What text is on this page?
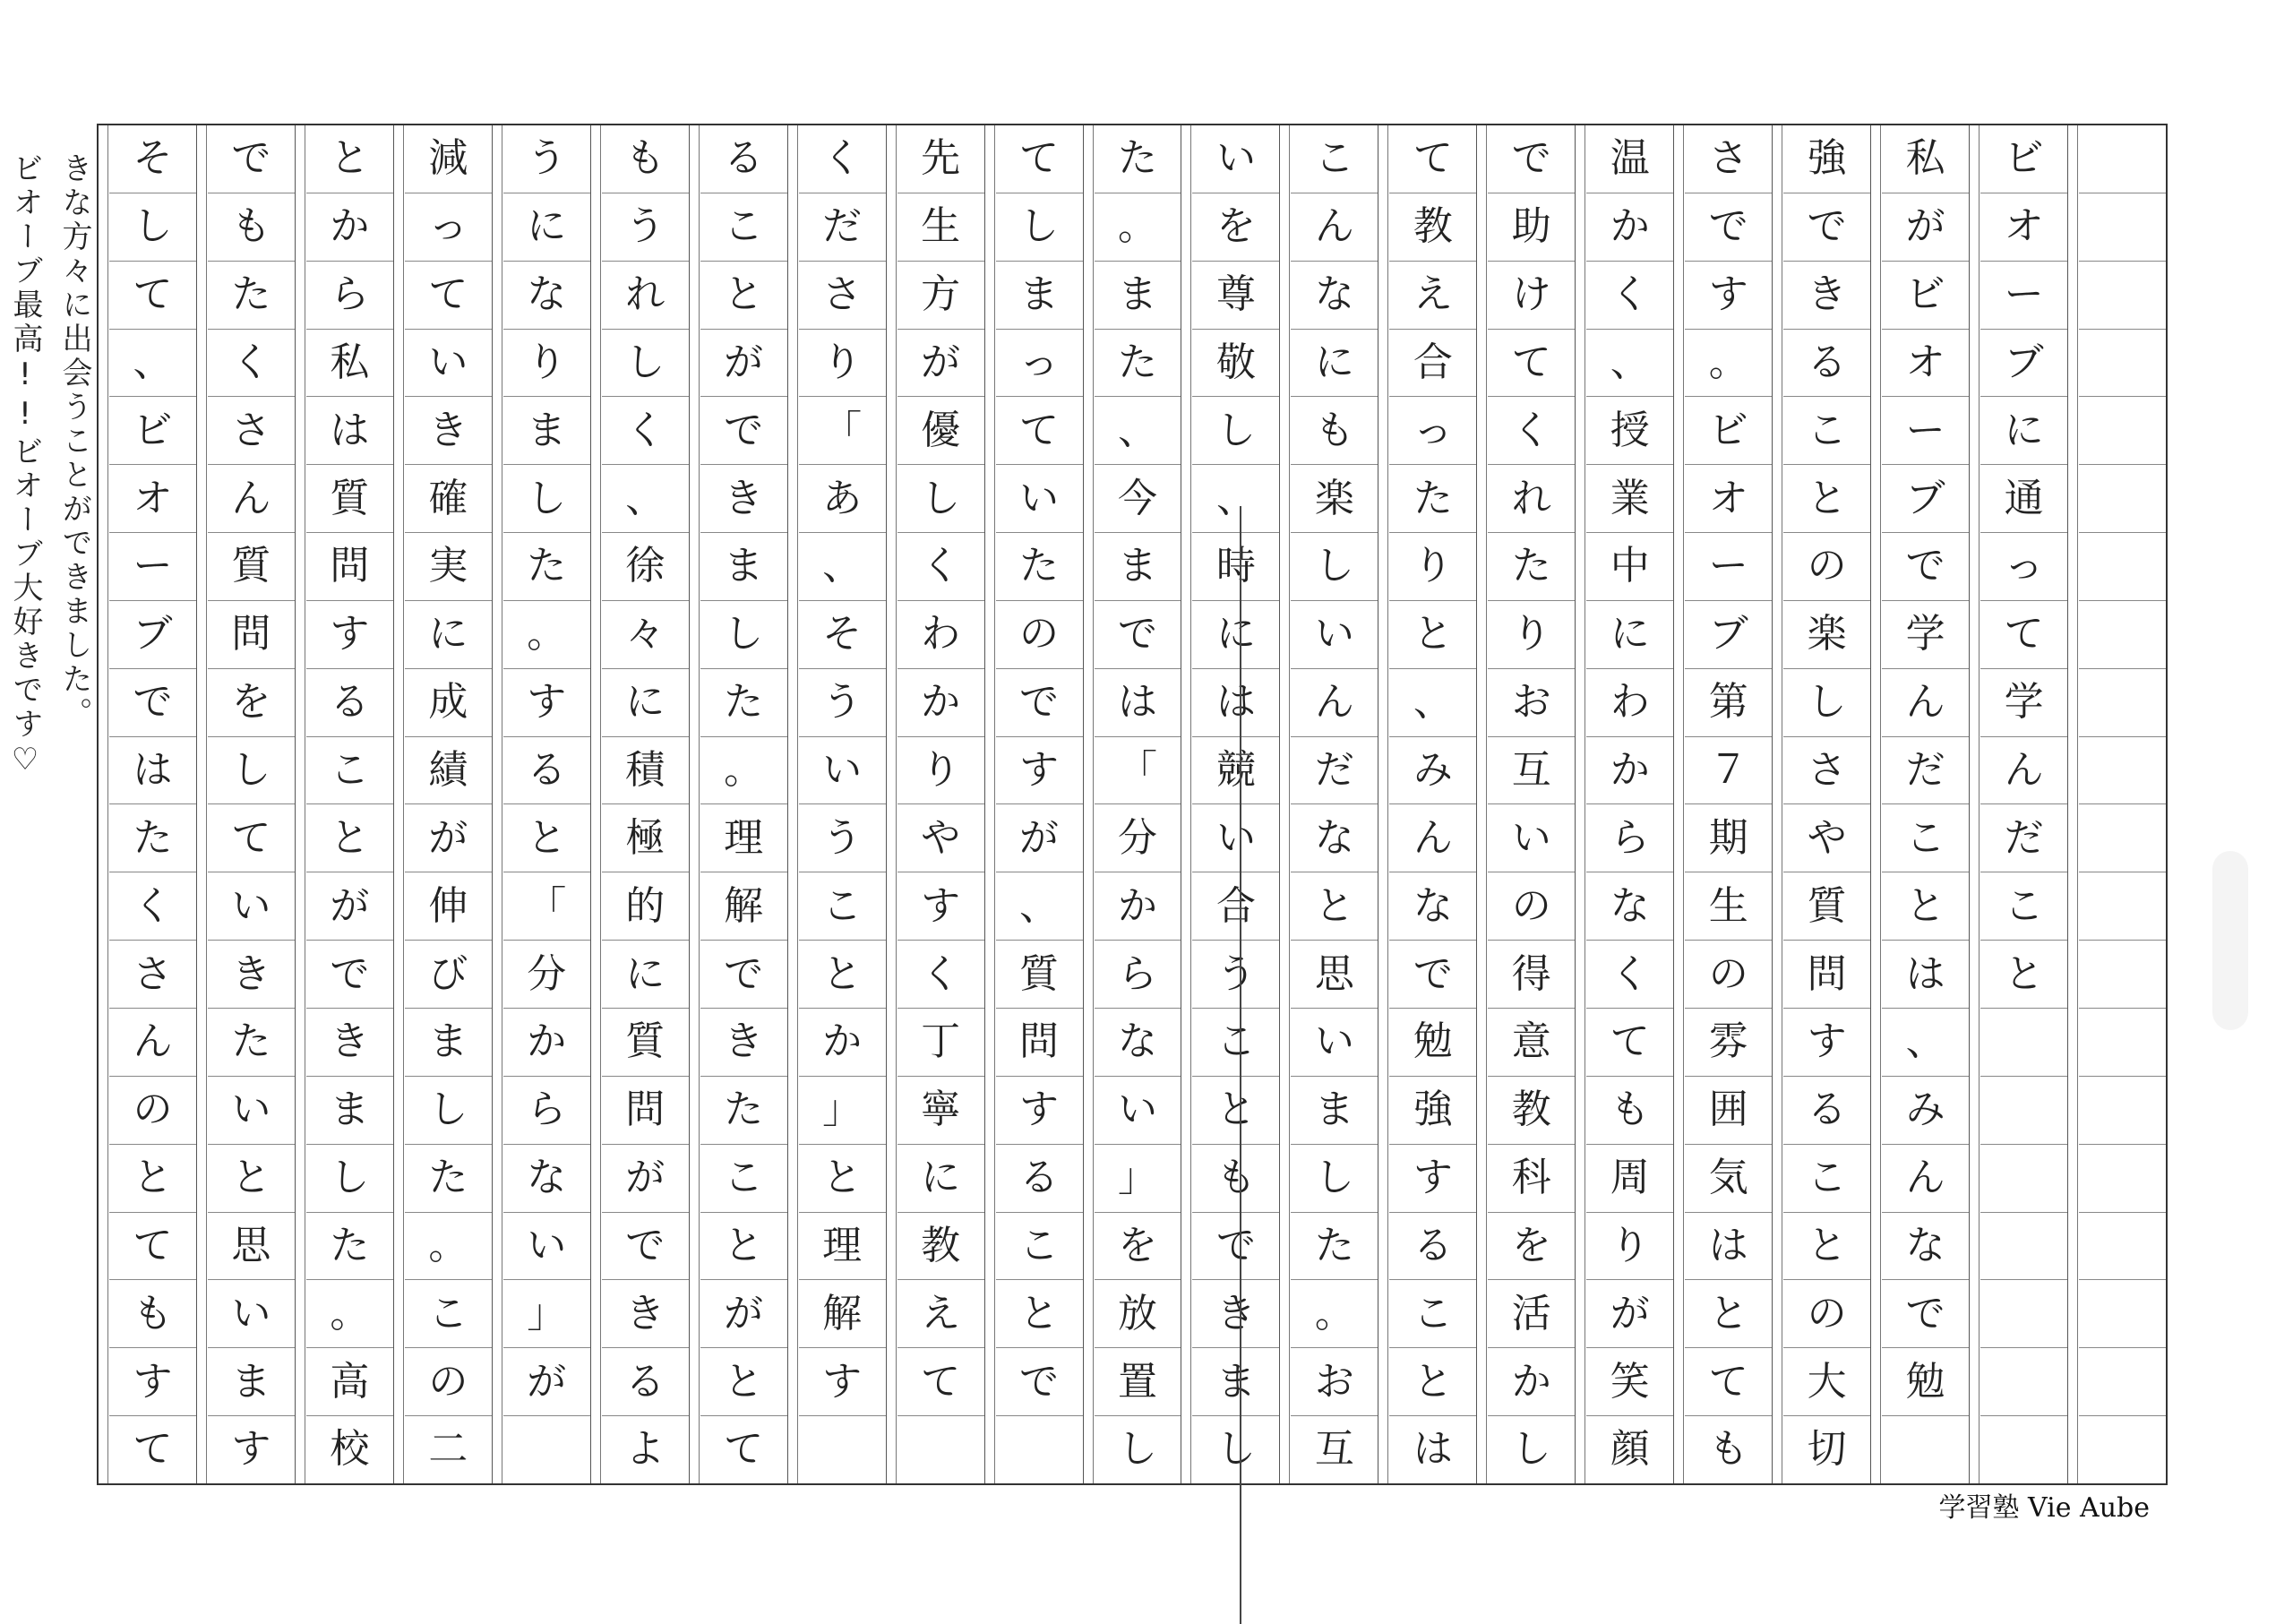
ビ
オ
ー
ブ
に
通
っ
て
学
ん
だ
こ
と
私
が
ビ
オ
ー
ブ
で
学
ん
だ
こ
と
は
、
み
ん
な
で
勉
強
で
き
る
こ
と
の
楽
し
さ
や
質
問
す
る
こ
と
の
大
切
さ
で
す
。
ビ
オ
ー
ブ
第
７
期
生
の
雰
囲
気
は
と
て
も
温
か
く
、
授
業
中
に
わ
か
ら
な
く
て
も
周
り
が
笑
顔
で
助
け
て
く
れ
た
り
お
互
い
の
得
意
教
科
を
活
か
し
て
教
え
合
っ
た
り
と
、
み
ん
な
で
勉
強
す
る
こ
と
は
こ
ん
な
に
も
楽
し
い
ん
だ
な
と
思
い
ま
し
た
。
お
互
い
を
尊
敬
し
、
時
に
は
競
い
合
う
こ
と
も
で
き
ま
し
た
。
ま
た
、
今
ま
で
は
「
分
か
ら
な
い
」
を
放
置
し
て
し
ま
っ
て
い
た
の
で
す
が
、
質
問
す
る
こ
と
で
先
生
方
が
優
し
く
わ
か
り
や
す
く
丁
寧
に
教
え
て
く
だ
さ
り
「
あ
、
そ
う
い
う
こ
と
か
」
と
理
解
す
る
こ
と
が
で
き
ま
し
た
。
理
解
で
き
た
こ
と
が
と
て
も
う
れ
し
く
、
徐
々
に
積
極
的
に
質
問
が
で
き
る
よ
う
に
な
り
ま
し
た
。
す
る
と
「
分
か
ら
な
い
」
が
減
っ
て
い
き
確
実
に
成
績
が
伸
び
ま
し
た
。
こ
の
二
と
か
ら
私
は
質
問
す
る
こ
と
が
で
き
ま
し
た
。
高
校
で
も
た
く
さ
ん
質
問
を
し
て
い
き
た
い
と
思
い
ま
す
そ
し
て
、
ビ
オ
ー
ブ
で
は
た
く
さ
ん
の
と
て
も
す
て
きな方々に出会うことができました。
ビオーブ最高!!ビオーブ大好きです♡
学習塾 Vie Aube
